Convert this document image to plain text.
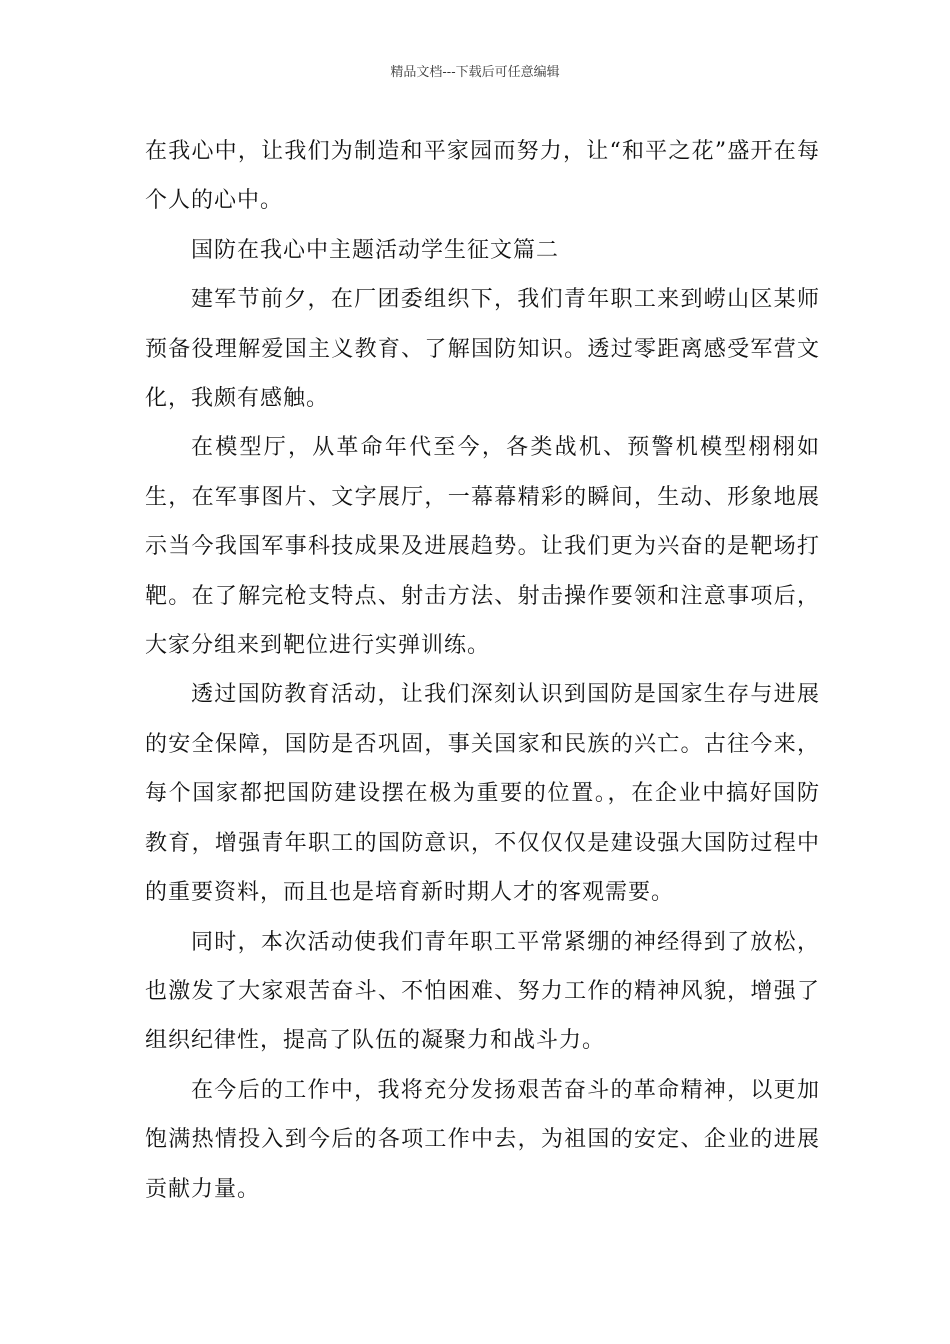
精品文档---下载后可任意编辑

在我心中，让我们为制造和平家园而努力，让“和平之花”盛开在每个人的心中。

国防在我心中主题活动学生征文篇二

建军节前夕，在厂团委组织下，我们青年职工来到崂山区某师预备役理解爱国主义教育、了解国防知识。透过零距离感受军营文化，我颇有感触。

在模型厅，从革命年代至今，各类战机、预警机模型栩栩如生，在军事图片、文字展厅，一幕幕精彩的瞬间，生动、形象地展示当今我国军事科技成果及进展趋势。让我们更为兴奋的是靶场打靶。在了解完枪支特点、射击方法、射击操作要领和注意事项后，大家分组来到靶位进行实弹训练。

透过国防教育活动，让我们深刻认识到国防是国家生存与进展的安全保障，国防是否巩固，事关国家和民族的兴亡。古往今来，每个国家都把国防建设摆在极为重要的位置。，在企业中搞好国防教育，增强青年职工的国防意识，不仅仅仅是建设强大国防过程中的重要资料，而且也是培育新时期人才的客观需要。

同时，本次活动使我们青年职工平常紧绷的神经得到了放松，也激发了大家艰苦奋斗、不怕困难、努力工作的精神风貌，增强了组织纪律性，提高了队伍的凝聚力和战斗力。

在今后的工作中，我将充分发扬艰苦奋斗的革命精神，以更加饱满热情投入到今后的各项工作中去，为祖国的安定、企业的进展贡献力量。
